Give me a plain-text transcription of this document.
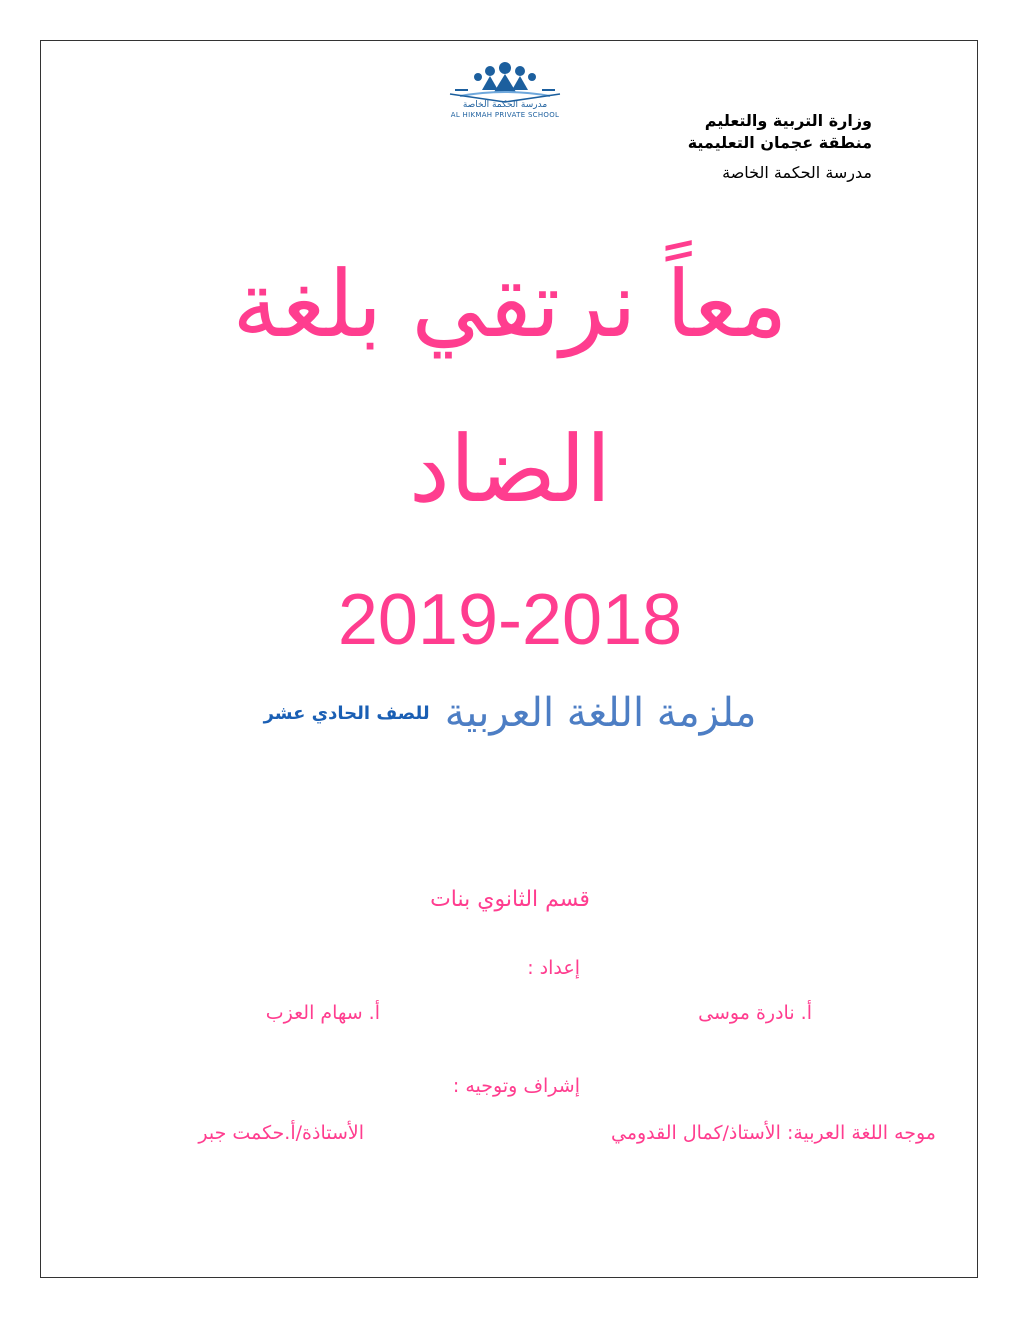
مدرسة الحكمة الخاصة
AL HIKMAH PRIVATE SCHOOL	وزارة التربية والتعليم
منطقة عجمان التعليمية
مدرسة الحكمة الخاصة
معاً نرتقي بلغة
الضاد
2019-2018
ملزمة اللغة العربية للصف الحادي عشر
قسم الثانوي بنات
إعداد :
أ. نادرة موسى
أ. سهام العزب
إشراف وتوجيه :
موجه اللغة العربية: الأستاذ/كمال القدومي
الأستاذة/أ.حكمت جبر
